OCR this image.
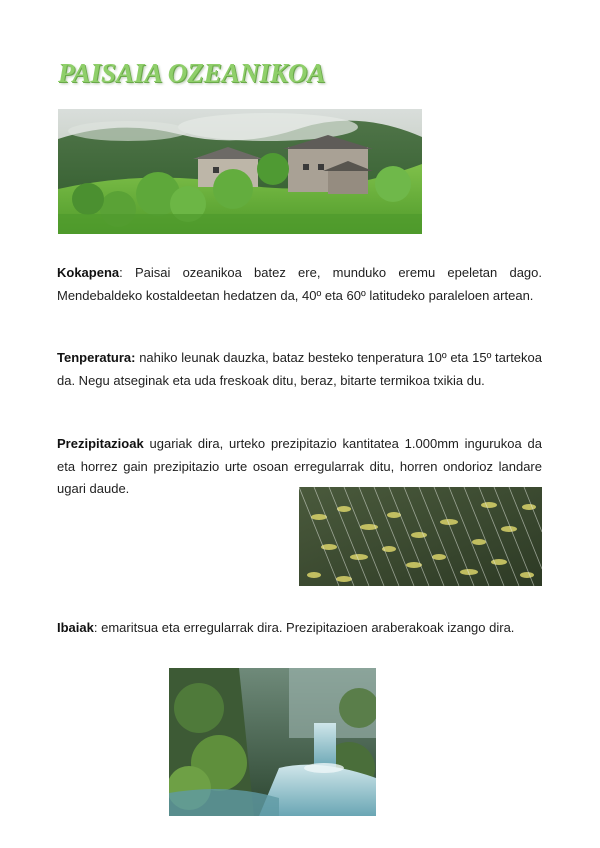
PAISAIA OZEANIKOA

Kokapena: Paisai ozeanikoa batez ere, munduko eremu epeletan dago. Mendebaldeko kostaldeetan hedatzen da, 40º eta 60º latitudeko paraleloen artean.

Tenperatura: nahiko leunak dauzka, bataz besteko tenperatura 10º eta 15º tartekoa da. Negu atseginak eta uda freskoak ditu, beraz, bitarte termikoa txikia du.

Prezipitazioak ugariak dira, urteko prezipitazio kantitatea 1.000mm ingurukoa da eta horrez gain prezipitazio urte osoan erregularrak ditu, horren ondorioz landare ugari daude.

Ibaiak: emaritsua eta erregularrak dira. Prezipitazioen araberakoak izango dira.
